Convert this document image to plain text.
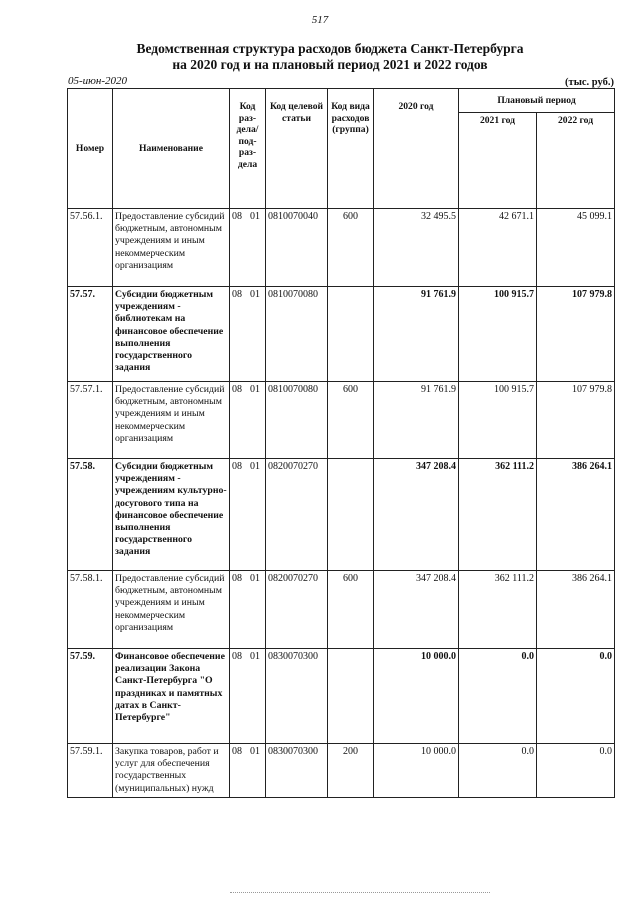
517
Ведомственная структура расходов бюджета Санкт-Петербурга
на 2020 год и на плановый период 2021 и 2022 годов
05-июн-2020	(тыс. руб.)
Номер	Наименование	Код раз-дела/ под-раз-дела	Код целевой статьи	Код вида расходов (группа)	2020 год	Плановый период	
						2021 год	2022 год
57.56.1.	Предоставление субсидий бюджетным, автономным учреждениям и иным некоммерческим организациям	08 01	0810070040	600	32 495.5	42 671.1	45 099.1
57.57.	Субсидии бюджетным учреждениям - библиотекам на финансовое обеспечение выполнения государственного задания	08 01	0810070080		91 761.9	100 915.7	107 979.8
57.57.1.	Предоставление субсидий бюджетным, автономным учреждениям и иным некоммерческим организациям	08 01	0810070080	600	91 761.9	100 915.7	107 979.8
57.58.	Субсидии бюджетным учреждениям - учреждениям культурно-досугового типа на финансовое обеспечение выполнения государственного задания	08 01	0820070270		347 208.4	362 111.2	386 264.1
57.58.1.	Предоставление субсидий бюджетным, автономным учреждениям и иным некоммерческим организациям	08 01	0820070270	600	347 208.4	362 111.2	386 264.1
57.59.	Финансовое обеспечение реализации Закона Санкт-Петербурга "О праздниках и памятных датах в Санкт-Петербурге"	08 01	0830070300		10 000.0	0.0	0.0
57.59.1.	Закупка товаров, работ и услуг для обеспечения государственных (муниципальных) нужд	08 01	0830070300	200	10 000.0	0.0	0.0
